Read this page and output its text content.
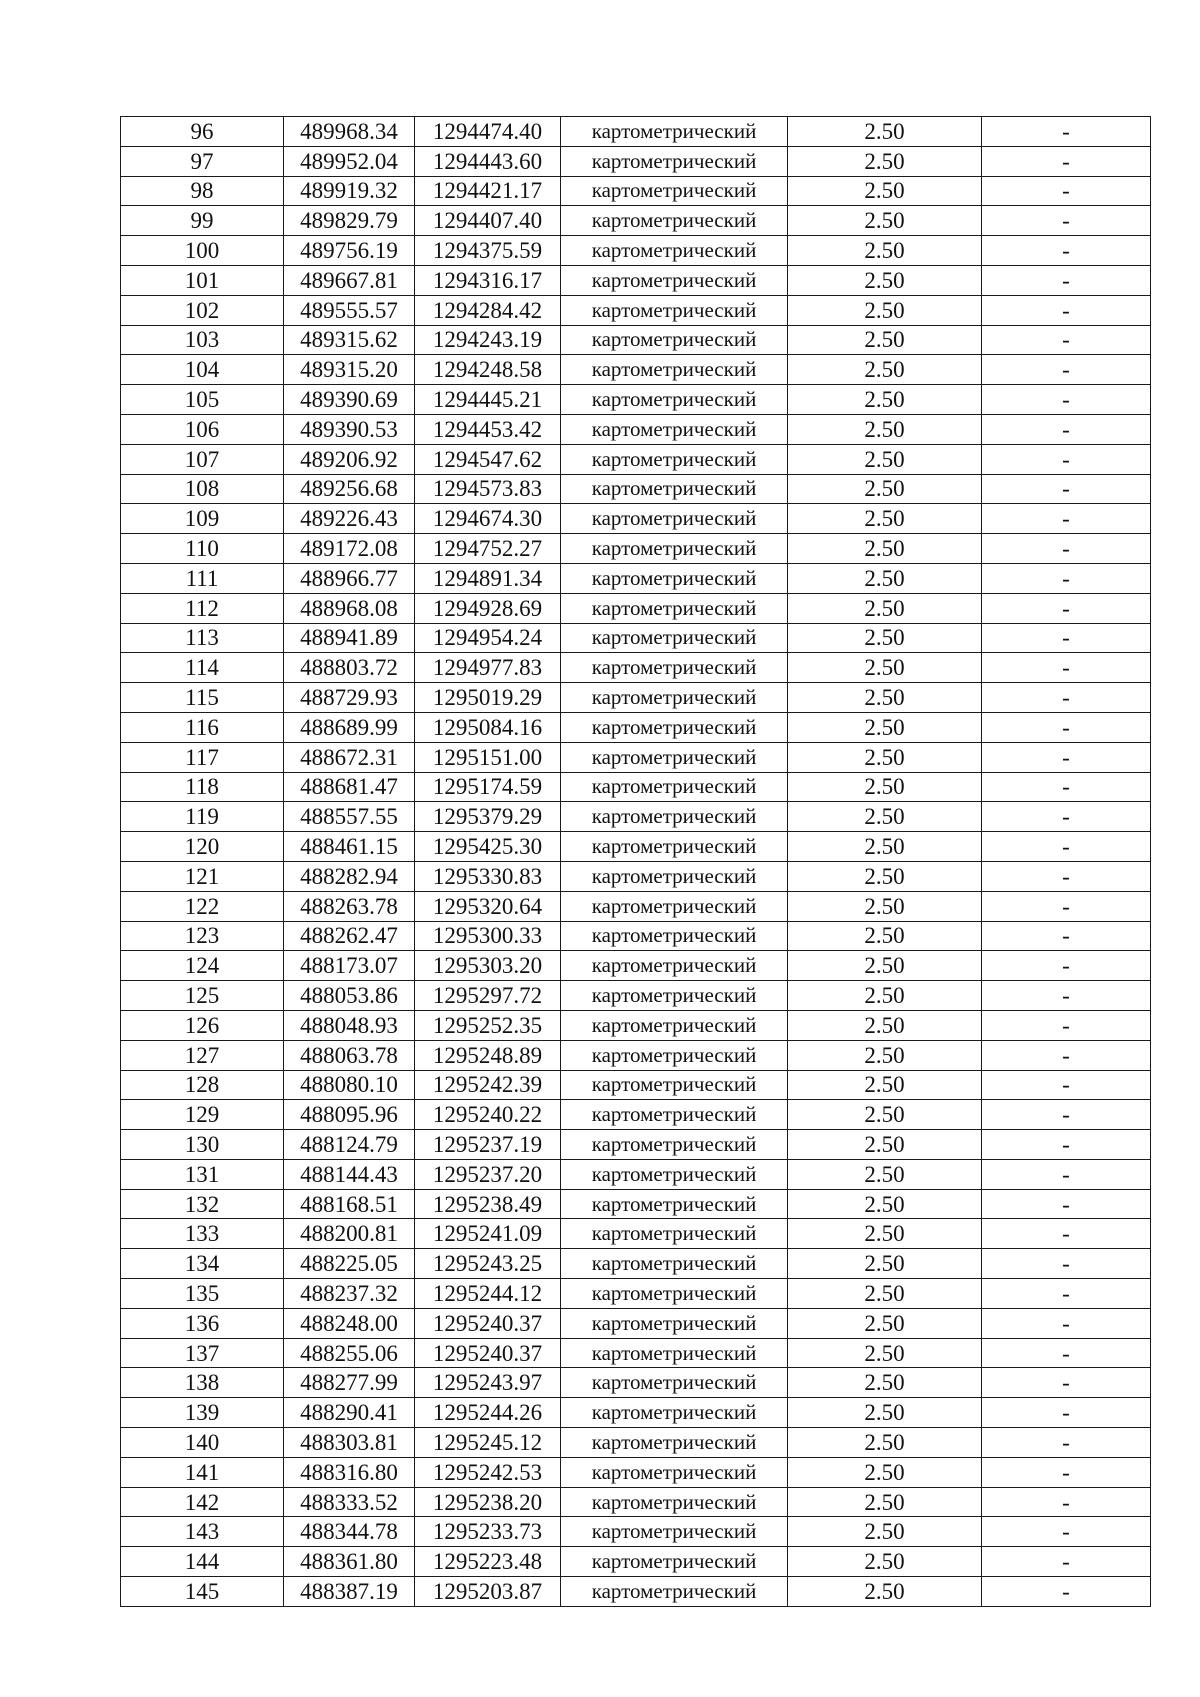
96	489968.34	1294474.40	картометрический	2.50	-
97	489952.04	1294443.60	картометрический	2.50	-
98	489919.32	1294421.17	картометрический	2.50	-
99	489829.79	1294407.40	картометрический	2.50	-
100	489756.19	1294375.59	картометрический	2.50	-
101	489667.81	1294316.17	картометрический	2.50	-
102	489555.57	1294284.42	картометрический	2.50	-
103	489315.62	1294243.19	картометрический	2.50	-
104	489315.20	1294248.58	картометрический	2.50	-
105	489390.69	1294445.21	картометрический	2.50	-
106	489390.53	1294453.42	картометрический	2.50	-
107	489206.92	1294547.62	картометрический	2.50	-
108	489256.68	1294573.83	картометрический	2.50	-
109	489226.43	1294674.30	картометрический	2.50	-
110	489172.08	1294752.27	картометрический	2.50	-
111	488966.77	1294891.34	картометрический	2.50	-
112	488968.08	1294928.69	картометрический	2.50	-
113	488941.89	1294954.24	картометрический	2.50	-
114	488803.72	1294977.83	картометрический	2.50	-
115	488729.93	1295019.29	картометрический	2.50	-
116	488689.99	1295084.16	картометрический	2.50	-
117	488672.31	1295151.00	картометрический	2.50	-
118	488681.47	1295174.59	картометрический	2.50	-
119	488557.55	1295379.29	картометрический	2.50	-
120	488461.15	1295425.30	картометрический	2.50	-
121	488282.94	1295330.83	картометрический	2.50	-
122	488263.78	1295320.64	картометрический	2.50	-
123	488262.47	1295300.33	картометрический	2.50	-
124	488173.07	1295303.20	картометрический	2.50	-
125	488053.86	1295297.72	картометрический	2.50	-
126	488048.93	1295252.35	картометрический	2.50	-
127	488063.78	1295248.89	картометрический	2.50	-
128	488080.10	1295242.39	картометрический	2.50	-
129	488095.96	1295240.22	картометрический	2.50	-
130	488124.79	1295237.19	картометрический	2.50	-
131	488144.43	1295237.20	картометрический	2.50	-
132	488168.51	1295238.49	картометрический	2.50	-
133	488200.81	1295241.09	картометрический	2.50	-
134	488225.05	1295243.25	картометрический	2.50	-
135	488237.32	1295244.12	картометрический	2.50	-
136	488248.00	1295240.37	картометрический	2.50	-
137	488255.06	1295240.37	картометрический	2.50	-
138	488277.99	1295243.97	картометрический	2.50	-
139	488290.41	1295244.26	картометрический	2.50	-
140	488303.81	1295245.12	картометрический	2.50	-
141	488316.80	1295242.53	картометрический	2.50	-
142	488333.52	1295238.20	картометрический	2.50	-
143	488344.78	1295233.73	картометрический	2.50	-
144	488361.80	1295223.48	картометрический	2.50	-
145	488387.19	1295203.87	картометрический	2.50	-
